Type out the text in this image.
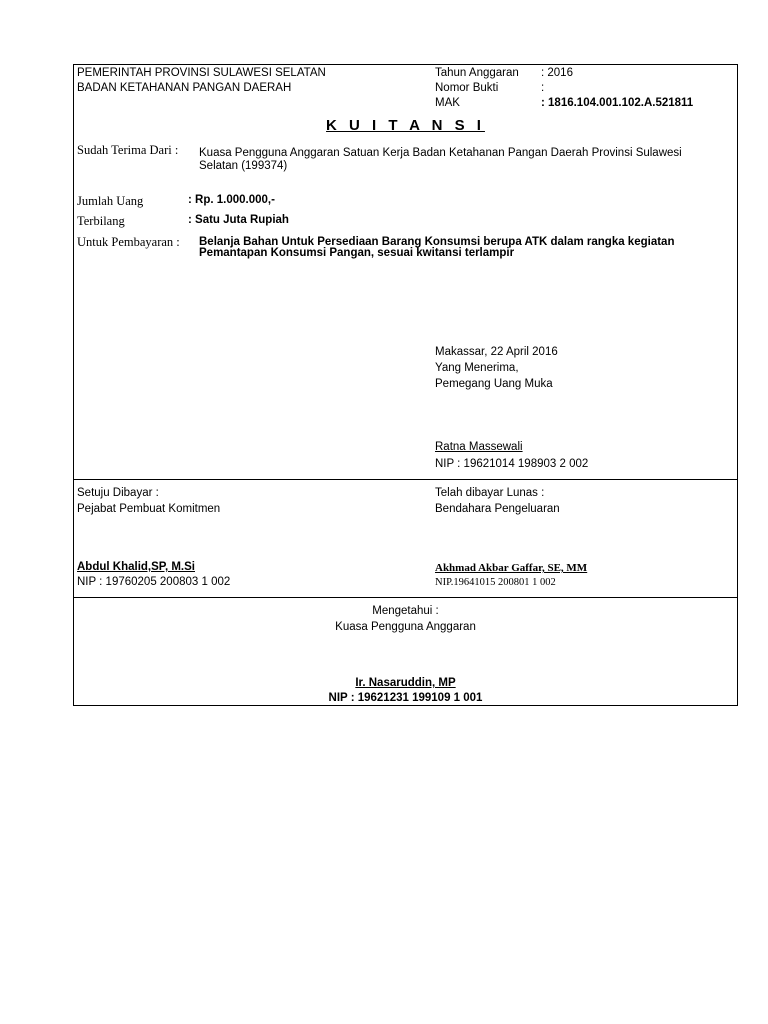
PEMERINTAH PROVINSI SULAWESI SELATAN
BADAN KETAHANAN PANGAN DAERAH
Tahun Anggaran : 2016
Nomor Bukti	:
MAK	: 1816.104.001.102.A.521811
K U I T A N S I
Sudah Terima Dari : Kuasa Pengguna Anggaran Satuan Kerja Badan Ketahanan Pangan Daerah Provinsi Sulawesi
Selatan (199374)
Jumlah Uang	: Rp. 1.000.000,-
Terbilang	: Satu Juta Rupiah
Untuk Pembayaran : Belanja Bahan Untuk Persediaan Barang Konsumsi berupa ATK dalam rangka kegiatan
Pemantapan Konsumsi Pangan, sesuai kwitansi terlampir
Makassar, 22 April 2016
Yang Menerima,
Pemegang Uang Muka
Ratna Massewali
NIP : 19621014 198903 2 002
Setuju Dibayar :
Pejabat Pembuat Komitmen
Abdul Khalid,SP, M.Si
NIP : 19760205 200803 1 002
Telah dibayar Lunas :
Bendahara Pengeluaran
Akhmad Akbar Gaffar, SE, MM
NIP.19641015 200801 1 002
Mengetahui :
Kuasa Pengguna Anggaran
Ir. Nasaruddin, MP
NIP : 19621231 199109 1 001
